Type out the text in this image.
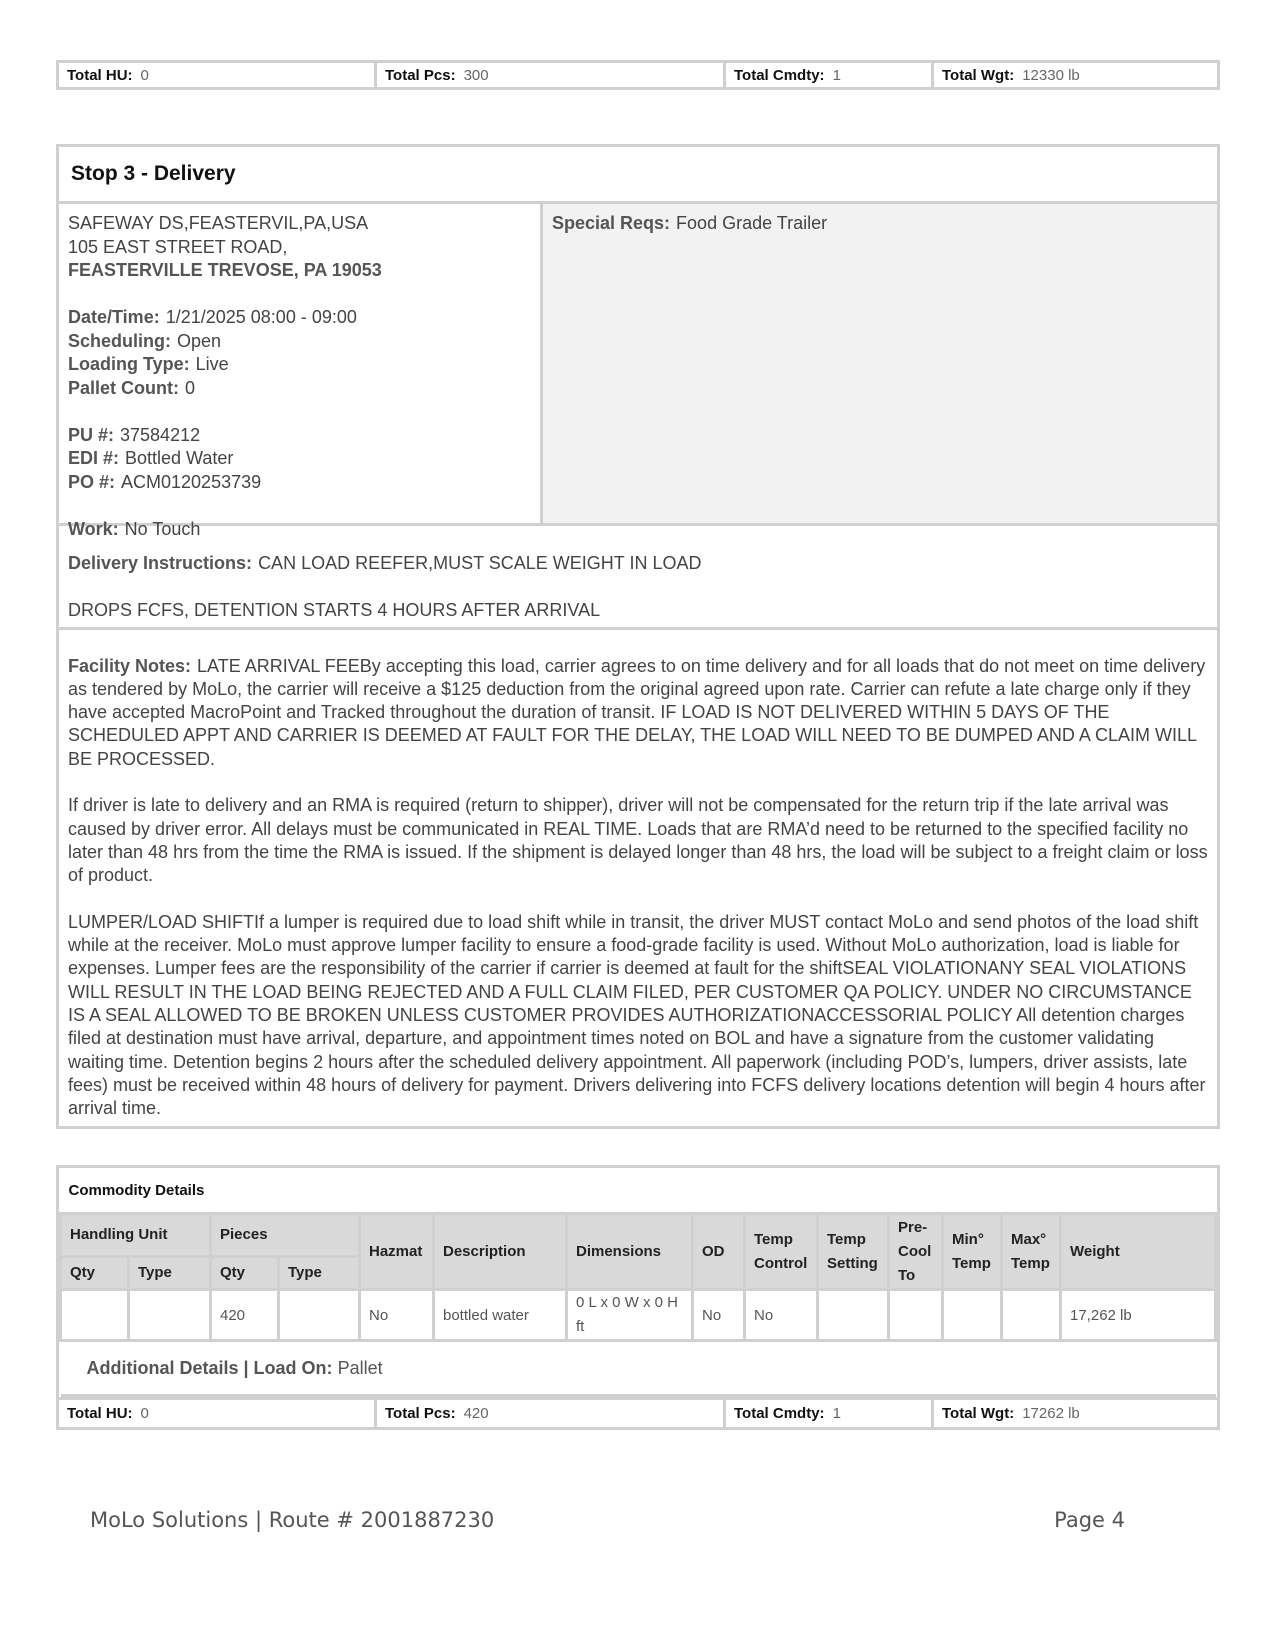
Total HU: 0	Total Pcs: 300	Total Cmdty: 1	Total Wgt: 12330 lb
Stop 3 - Delivery
SAFEWAY DS,FEASTERVIL,PA,USA
105 EAST STREET ROAD,
FEASTERVILLE TREVOSE, PA 19053
Date/Time: 1/21/2025 08:00 - 09:00
Scheduling: Open
Loading Type: Live
Pallet Count: 0
PU #: 37584212
EDI #: Bottled Water
PO #: ACM0120253739
Work: No Touch
Special Reqs: Food Grade Trailer

Delivery Instructions: CAN LOAD REEFER,MUST SCALE WEIGHT IN LOAD

DROPS FCFS, DETENTION STARTS 4 HOURS AFTER ARRIVAL

Facility Notes: LATE ARRIVAL FEEBy accepting this load, carrier agrees to on time delivery and for all loads that do not meet on time delivery as tendered by MoLo, the carrier will receive a $125 deduction from the original agreed upon rate. Carrier can refute a late charge only if they have accepted MacroPoint and Tracked throughout the duration of transit. IF LOAD IS NOT DELIVERED WITHIN 5 DAYS OF THE SCHEDULED APPT AND CARRIER IS DEEMED AT FAULT FOR THE DELAY, THE LOAD WILL NEED TO BE DUMPED AND A CLAIM WILL BE PROCESSED.

If driver is late to delivery and an RMA is required (return to shipper), driver will not be compensated for the return trip if the late arrival was caused by driver error. All delays must be communicated in REAL TIME. Loads that are RMA’d need to be returned to the specified facility no later than 48 hrs from the time the RMA is issued. If the shipment is delayed longer than 48 hrs, the load will be subject to a freight claim or loss of product.

LUMPER/LOAD SHIFTIf a lumper is required due to load shift while in transit, the driver MUST contact MoLo and send photos of the load shift while at the receiver. MoLo must approve lumper facility to ensure a food-grade facility is used. Without MoLo authorization, load is liable for expenses. Lumper fees are the responsibility of the carrier if carrier is deemed at fault for the shiftSEAL VIOLATIONANY SEAL VIOLATIONS WILL RESULT IN THE LOAD BEING REJECTED AND A FULL CLAIM FILED, PER CUSTOMER QA POLICY. UNDER NO CIRCUMSTANCE IS A SEAL ALLOWED TO BE BROKEN UNLESS CUSTOMER PROVIDES AUTHORIZATIONACCESSORIAL POLICY All detention charges filed at destination must have arrival, departure, and appointment times noted on BOL and have a signature from the customer validating waiting time. Detention begins 2 hours after the scheduled delivery appointment. All paperwork (including POD’s, lumpers, driver assists, late fees) must be received within 48 hours of delivery for payment. Drivers delivering into FCFS delivery locations detention will begin 4 hours after arrival time.

Commodity Details													
Handling Unit		Pieces		Hazmat	Description	Dimensions	OD	Temp Control	Temp Setting	Pre-Cool To	Min° Temp	Max° Temp	Weight
Qty	Type	Qty	Type										
		420		No	bottled water	0 L x 0 W x 0 H ft	No	No					17,262 lb
Additional Details | Load On: Pallet													
Total HU: 0	Total Pcs: 420	Total Cmdty: 1	Total Wgt: 17262 lb
MoLo Solutions | Route # 2001887230	Page 4
